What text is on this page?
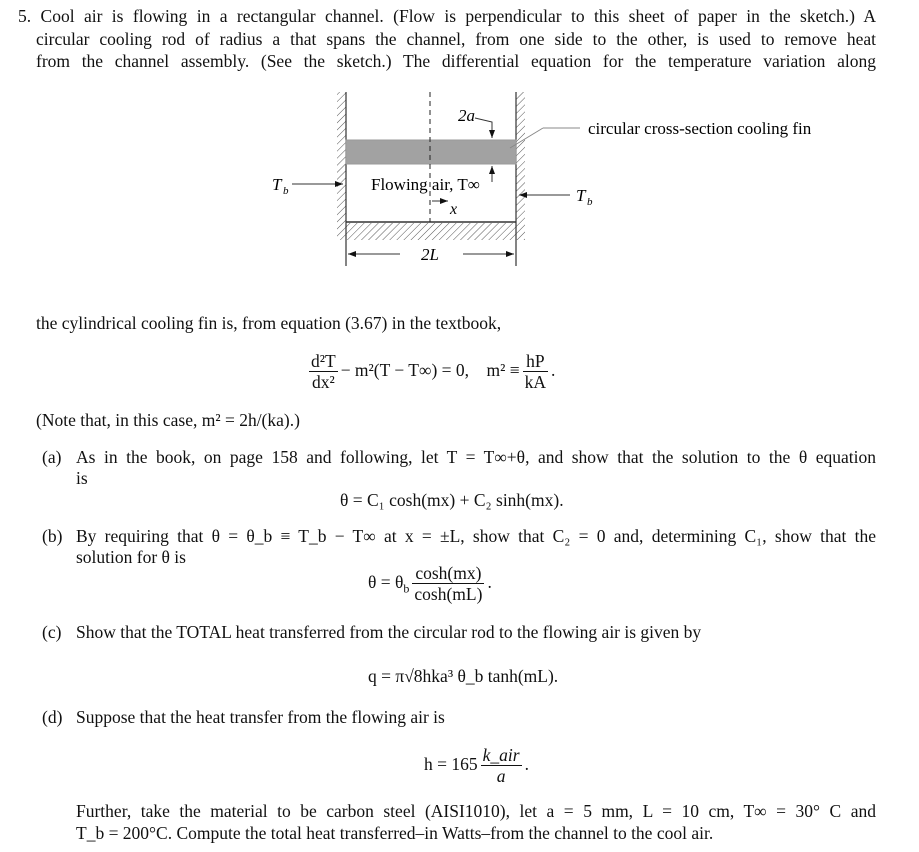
5. Cool air is flowing in a rectangular channel. (Flow is perpendicular to this sheet of paper in the sketch.) A
circular cooling rod of radius a that spans the channel, from one side to the other, is used to remove heat
from the channel assembly. (See the sketch.) The differential equation for the temperature variation along
2a
circular cross-section cooling fin
T b	T b
Flowing air, T∞
x
2L
the cylindrical cooling fin is, from equation (3.67) in the textbook,
$\frac{\text{d²T}}{\text{dx²}} - m^2(T - T\infty) = 0$,    $m^2 \equiv \frac{hP}{kA}$ .
(Note that, in this case, m² = 2h/(ka).)
(a) As in the book, on page 158 and following, let T = T∞+θ, and show that the solution to the θ equation
is
θ = C₁ cosh(mx) + C₂ sinh(mx).
(b) By requiring that θ = θ_b ≡ T_b − T∞ at x = ±L, show that C₂ = 0 and, determining C₁, show that the
solution for θ is
$\theta = \theta_b \frac{\cosh(mx)}{\cosh(mL)}$ .
(c) Show that the TOTAL heat transferred from the circular rod to the flowing air is given by
q = π√8hka³ θ_b tanh(mL).
(d) Suppose that the heat transfer from the flowing air is
$h = 165 \frac{\text{k\_air}}{a}$ .
Further, take the material to be carbon steel (AISI1010), let a = 5 mm, L = 10 cm, T∞ = 30° C and
T_b = 200°C. Compute the total heat transferred–in Watts–from the channel to the cool air.
